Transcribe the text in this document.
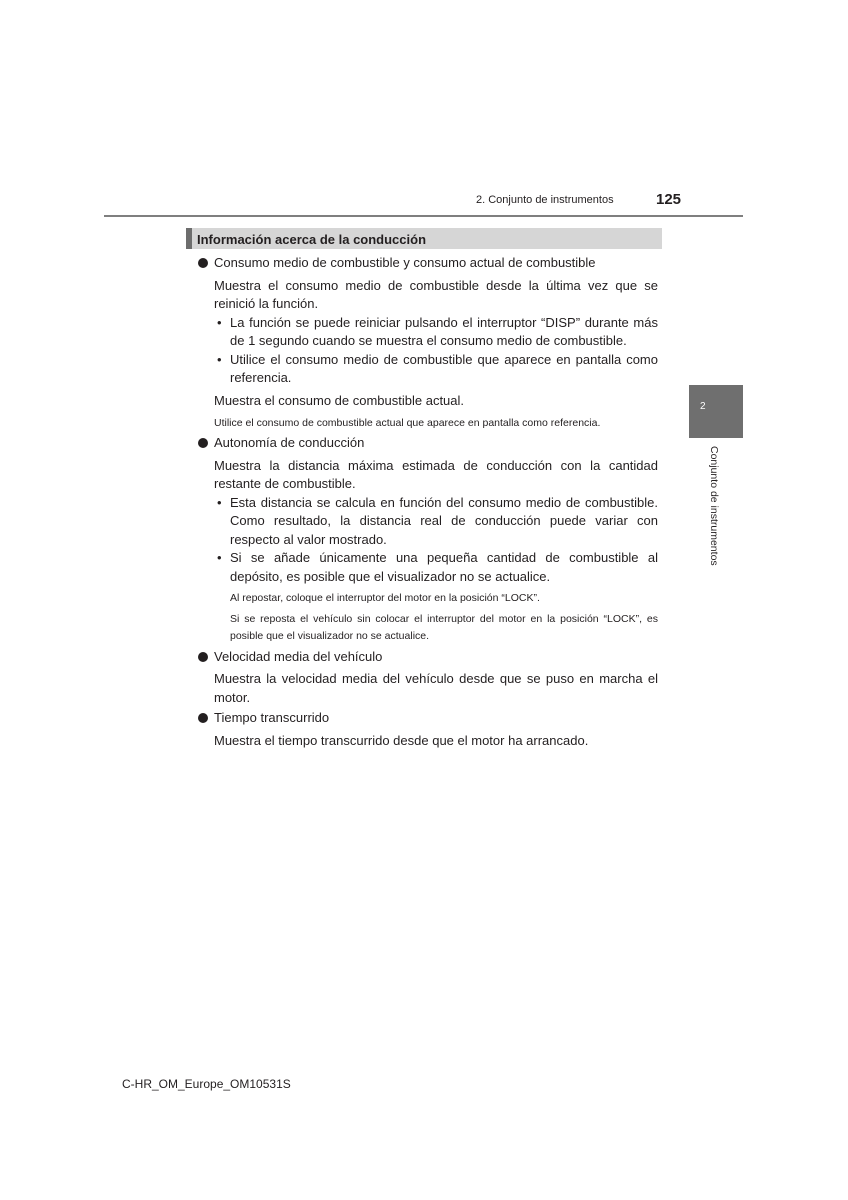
2. Conjunto de instrumentos	125
2
Conjunto de instrumentos
Información acerca de la conducción

Consumo medio de combustible y consumo actual de combustible

Muestra el consumo medio de combustible desde la última vez que se reinició la función.

• La función se puede reiniciar pulsando el interruptor “DISP” durante más de 1 segundo cuando se muestra el consumo medio de combustible.

• Utilice el consumo medio de combustible que aparece en pantalla como referencia.

Muestra el consumo de combustible actual.

Utilice el consumo de combustible actual que aparece en pantalla como referencia.

Autonomía de conducción

Muestra la distancia máxima estimada de conducción con la cantidad restante de combustible.

• Esta distancia se calcula en función del consumo medio de combustible. Como resultado, la distancia real de conducción puede variar con respecto al valor mostrado.

• Si se añade únicamente una pequeña cantidad de combustible al depósito, es posible que el visualizador no se actualice.

Al repostar, coloque el interruptor del motor en la posición “LOCK”.

Si se reposta el vehículo sin colocar el interruptor del motor en la posición “LOCK”, es posible que el visualizador no se actualice.

Velocidad media del vehículo

Muestra la velocidad media del vehículo desde que se puso en marcha el motor.

Tiempo transcurrido

Muestra el tiempo transcurrido desde que el motor ha arrancado.

C-HR_OM_Europe_OM10531S
